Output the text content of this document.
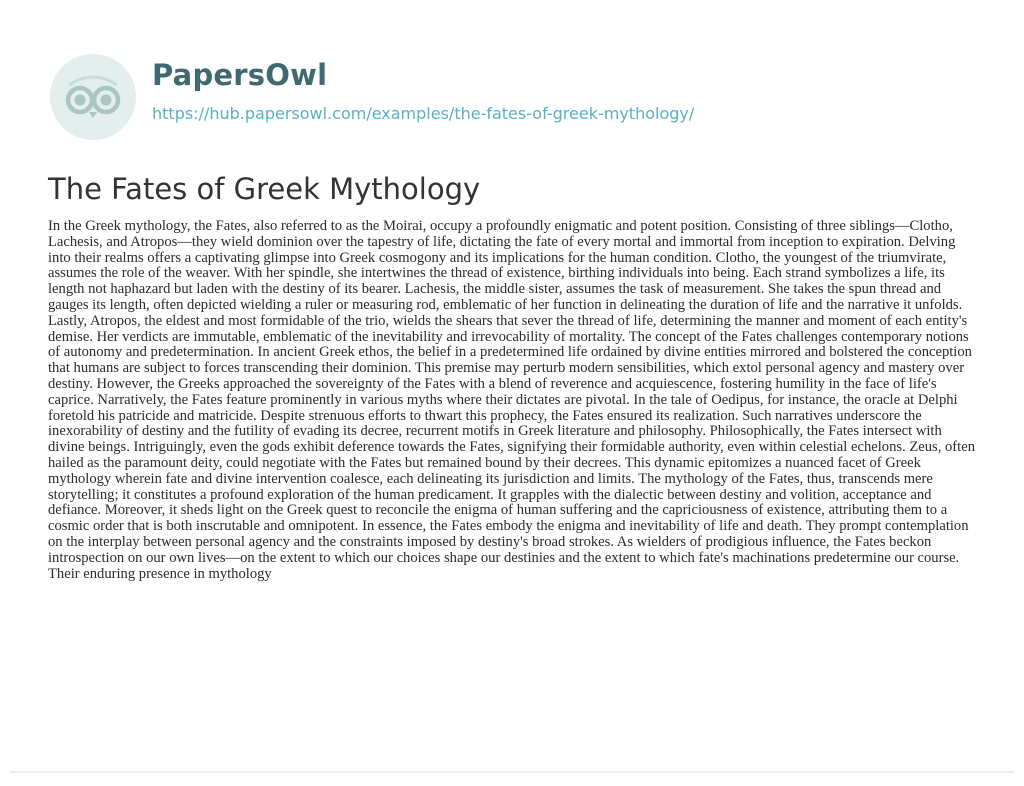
PapersOwl
https://hub.papersowl.com/examples/the-fates-of-greek-mythology/
The Fates of Greek Mythology

In the Greek mythology, the Fates, also referred to as the Moirai, occupy a profoundly enigmatic and potent position. Consisting of three siblings—Clotho, Lachesis, and Atropos—they wield dominion over the tapestry of life, dictating the fate of every mortal and immortal from inception to expiration. Delving into their realms offers a captivating glimpse into Greek cosmogony and its implications for the human condition. Clotho, the youngest of the triumvirate, assumes the role of the weaver. With her spindle, she intertwines the thread of existence, birthing individuals into being. Each strand symbolizes a life, its length not haphazard but laden with the destiny of its bearer. Lachesis, the middle sister, assumes the task of measurement. She takes the spun thread and gauges its length, often depicted wielding a ruler or measuring rod, emblematic of her function in delineating the duration of life and the narrative it unfolds. Lastly, Atropos, the eldest and most formidable of the trio, wields the shears that sever the thread of life, determining the manner and moment of each entity's demise. Her verdicts are immutable, emblematic of the inevitability and irrevocability of mortality. The concept of the Fates challenges contemporary notions of autonomy and predetermination. In ancient Greek ethos, the belief in a predetermined life ordained by divine entities mirrored and bolstered the conception that humans are subject to forces transcending their dominion. This premise may perturb modern sensibilities, which extol personal agency and mastery over destiny. However, the Greeks approached the sovereignty of the Fates with a blend of reverence and acquiescence, fostering humility in the face of life's caprice. Narratively, the Fates feature prominently in various myths where their dictates are pivotal. In the tale of Oedipus, for instance, the oracle at Delphi foretold his patricide and matricide. Despite strenuous efforts to thwart this prophecy, the Fates ensured its realization. Such narratives underscore the inexorability of destiny and the futility of evading its decree, recurrent motifs in Greek literature and philosophy. Philosophically, the Fates intersect with divine beings. Intriguingly, even the gods exhibit deference towards the Fates, signifying their formidable authority, even within celestial echelons. Zeus, often hailed as the paramount deity, could negotiate with the Fates but remained bound by their decrees. This dynamic epitomizes a nuanced facet of Greek mythology wherein fate and divine intervention coalesce, each delineating its jurisdiction and limits. The mythology of the Fates, thus, transcends mere storytelling; it constitutes a profound exploration of the human predicament. It grapples with the dialectic between destiny and volition, acceptance and defiance. Moreover, it sheds light on the Greek quest to reconcile the enigma of human suffering and the capriciousness of existence, attributing them to a cosmic order that is both inscrutable and omnipotent. In essence, the Fates embody the enigma and inevitability of life and death. They prompt contemplation on the interplay between personal agency and the constraints imposed by destiny's broad strokes. As wielders of prodigious influence, the Fates beckon introspection on our own lives—on the extent to which our choices shape our destinies and the extent to which fate's machinations predetermine our course. Their enduring presence in mythology
